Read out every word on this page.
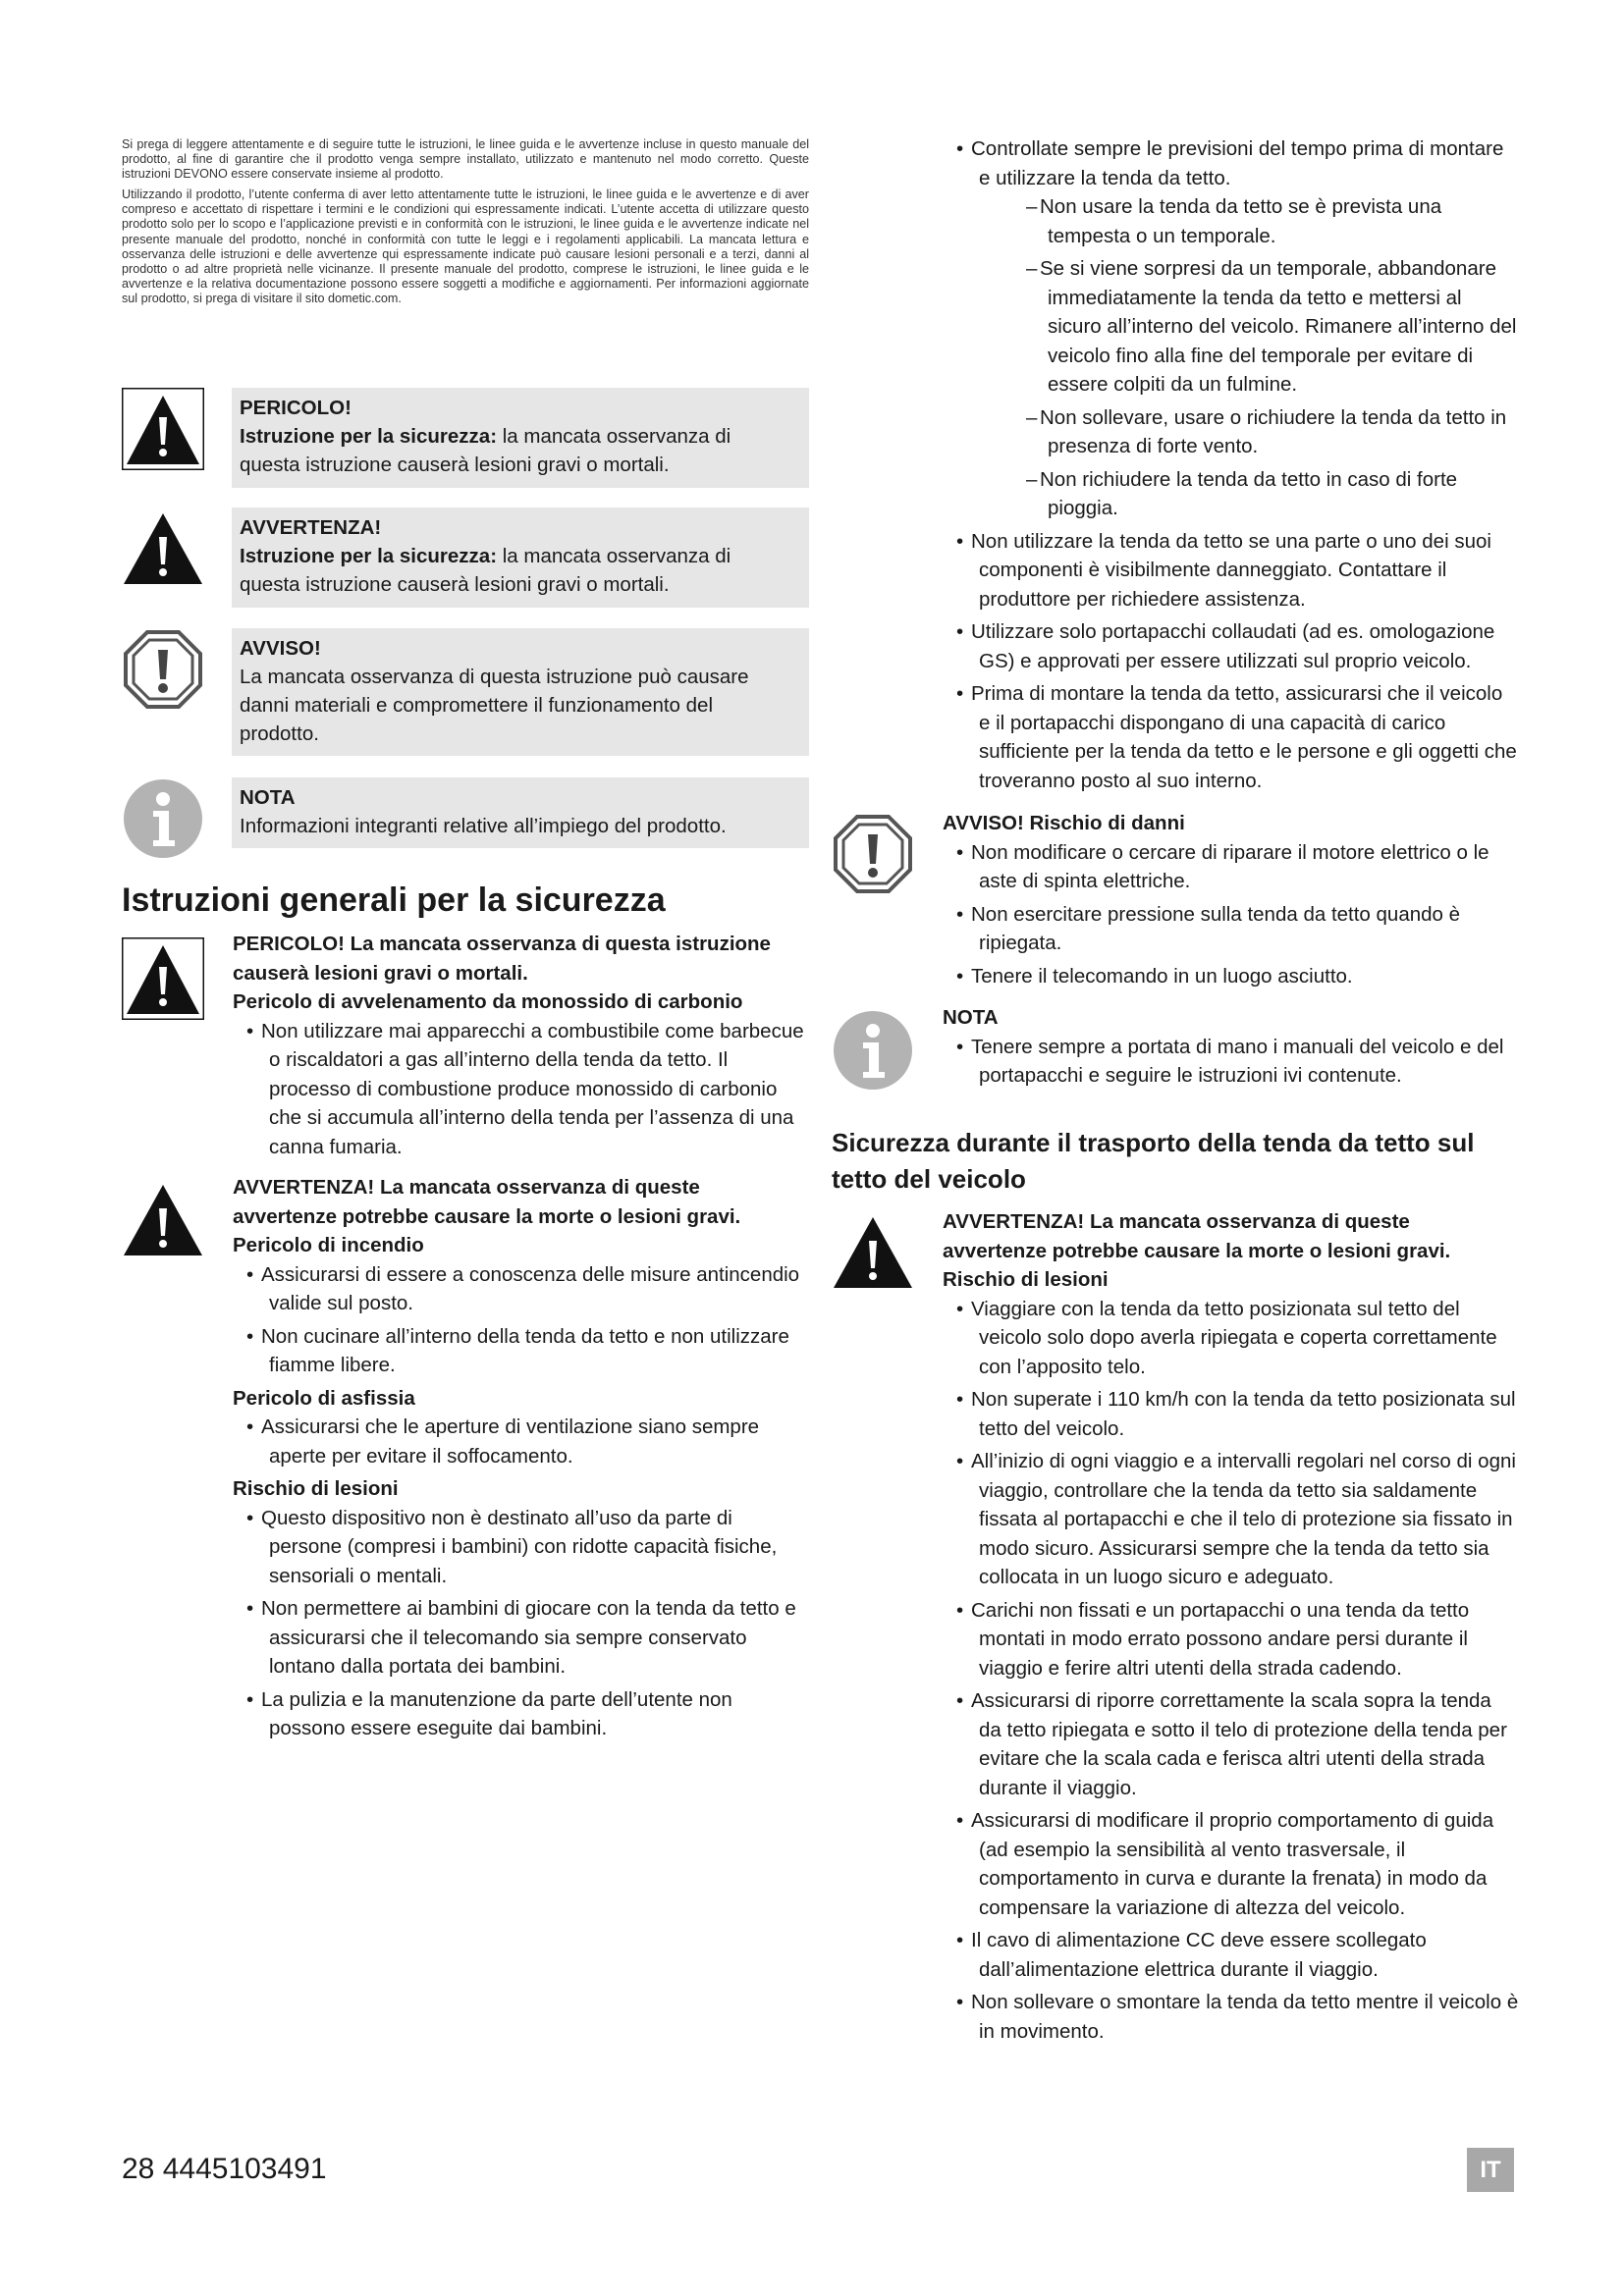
Si prega di leggere attentamente e di seguire tutte le istruzioni, le linee guida e le avvertenze incluse in questo manuale del prodotto, al fine di garantire che il prodotto venga sempre installato, utilizzato e mantenuto nel modo corretto. Queste istruzioni DEVONO essere conservate insieme al prodotto.

Utilizzando il prodotto, l’utente conferma di aver letto attentamente tutte le istruzioni, le linee guida e le avvertenze e di aver compreso e accettato di rispettare i termini e le condizioni qui espressamente indicati. L’utente accetta di utilizzare questo prodotto solo per lo scopo e l’applicazione previsti e in conformità con le istruzioni, le linee guida e le avvertenze indicate nel presente manuale del prodotto, nonché in conformità con tutte le leggi e i regolamenti applicabili. La mancata lettura e osservanza delle istruzioni e delle avvertenze qui espressamente indicate può causare lesioni personali e a terzi, danni al prodotto o ad altre proprietà nelle vicinanze. Il presente manuale del prodotto, comprese le istruzioni, le linee guida e le avvertenze e la relativa documentazione possono essere soggetti a modifiche e aggiornamenti. Per informazioni aggiornate sul prodotto, si prega di visitare il sito dometic.com.

PERICOLO!
Istruzione per la sicurezza: la mancata osservanza di questa istruzione causerà lesioni gravi o mortali.
AVVERTENZA!
Istruzione per la sicurezza: la mancata osservanza di questa istruzione causerà lesioni gravi o mortali.
AVVISO!
La mancata osservanza di questa istruzione può causare danni materiali e compromettere il funzionamento del prodotto.
NOTA
Informazioni integranti relative all’impiego del prodotto.
Istruzioni generali per la sicurezza
PERICOLO! La mancata osservanza di questa istruzione causerà lesioni gravi o mortali.
Pericolo di avvelenamento da monossido di carbonio
• Non utilizzare mai apparecchi a combustibile come barbecue o riscaldatori a gas all’interno della tenda da tetto. Il processo di combustione produce monossido di carbonio che si accumula all’interno della tenda per l’assenza di una canna fumaria.
AVVERTENZA! La mancata osservanza di queste avvertenze potrebbe causare la morte o lesioni gravi.
Pericolo di incendio
• Assicurarsi di essere a conoscenza delle misure antincendio valide sul posto.
• Non cucinare all’interno della tenda da tetto e non utilizzare fiamme libere.
Pericolo di asfissia
• Assicurarsi che le aperture di ventilazione siano sempre aperte per evitare il soffocamento.
Rischio di lesioni
• Questo dispositivo non è destinato all’uso da parte di persone (compresi i bambini) con ridotte capacità fisiche, sensoriali o mentali.
• Non permettere ai bambini di giocare con la tenda da tetto e assicurarsi che il telecomando sia sempre conservato lontano dalla portata dei bambini.
• La pulizia e la manutenzione da parte dell’utente non possono essere eseguite dai bambini.
• Controllate sempre le previsioni del tempo prima di montare e utilizzare la tenda da tetto.
– Non usare la tenda da tetto se è prevista una tempesta o un temporale.
– Se si viene sorpresi da un temporale, abbandonare immediatamente la tenda da tetto e mettersi al sicuro all’interno del veicolo. Rimanere all’interno del veicolo fino alla fine del temporale per evitare di essere colpiti da un fulmine.
– Non sollevare, usare o richiudere la tenda da tetto in presenza di forte vento.
– Non richiudere la tenda da tetto in caso di forte pioggia.
• Non utilizzare la tenda da tetto se una parte o uno dei suoi componenti è visibilmente danneggiato. Contattare il produttore per richiedere assistenza.
• Utilizzare solo portapacchi collaudati (ad es. omologazione GS) e approvati per essere utilizzati sul proprio veicolo.
• Prima di montare la tenda da tetto, assicurarsi che il veicolo e il portapacchi dispongano di una capacità di carico sufficiente per la tenda da tetto e le persone e gli oggetti che troveranno posto al suo interno.
AVVISO! Rischio di danni
• Non modificare o cercare di riparare il motore elettrico o le aste di spinta elettriche.
• Non esercitare pressione sulla tenda da tetto quando è ripiegata.
• Tenere il telecomando in un luogo asciutto.
NOTA
• Tenere sempre a portata di mano i manuali del veicolo e del portapacchi e seguire le istruzioni ivi contenute.
Sicurezza durante il trasporto della tenda da tetto sul tetto del veicolo
AVVERTENZA! La mancata osservanza di queste avvertenze potrebbe causare la morte o lesioni gravi.
Rischio di lesioni
• Viaggiare con la tenda da tetto posizionata sul tetto del veicolo solo dopo averla ripiegata e coperta correttamente con l’apposito telo.
• Non superate i 110 km/h con la tenda da tetto posizionata sul tetto del veicolo.
• All’inizio di ogni viaggio e a intervalli regolari nel corso di ogni viaggio, controllare che la tenda da tetto sia saldamente fissata al portapacchi e che il telo di protezione sia fissato in modo sicuro. Assicurarsi sempre che la tenda da tetto sia collocata in un luogo sicuro e adeguato.
• Carichi non fissati e un portapacchi o una tenda da tetto montati in modo errato possono andare persi durante il viaggio e ferire altri utenti della strada cadendo.
• Assicurarsi di riporre correttamente la scala sopra la tenda da tetto ripiegata e sotto il telo di protezione della tenda per evitare che la scala cada e ferisca altri utenti della strada durante il viaggio.
• Assicurarsi di modificare il proprio comportamento di guida (ad esempio la sensibilità al vento trasversale, il comportamento in curva e durante la frenata) in modo da compensare la variazione di altezza del veicolo.
• Il cavo di alimentazione CC deve essere scollegato dall’alimentazione elettrica durante il viaggio.
• Non sollevare o smontare la tenda da tetto mentre il veicolo è in movimento.
28 4445103491	IT
